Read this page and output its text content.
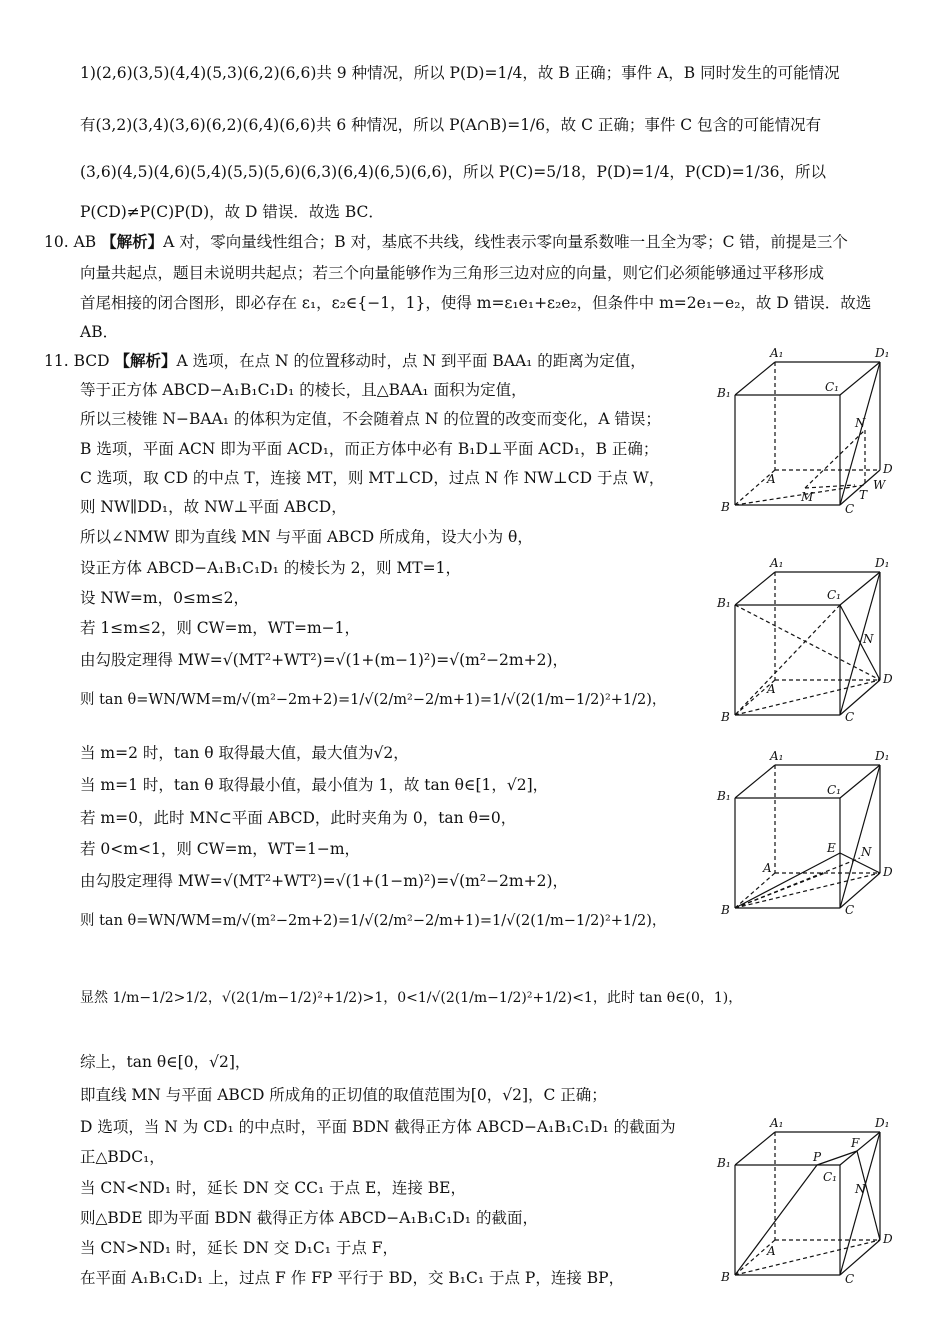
1)(2,6)(3,5)(4,4)(5,3)(6,2)(6,6)共 9 种情况，所以 P(D)=1/4，故 B 正确；事件 A，B 同时发生的可能情况
有(3,2)(3,4)(3,6)(6,2)(6,4)(6,6)共 6 种情况，所以 P(A∩B)=1/6，故 C 正确；事件 C 包含的可能情况有
(3,6)(4,5)(4,6)(5,4)(5,5)(5,6)(6,3)(6,4)(6,5)(6,6)，所以 P(C)=5/18，P(D)=1/4，P(CD)=1/36，所以
P(CD)≠P(C)P(D)，故 D 错误．故选 BC．
10. AB 【解析】A 对，零向量线性组合；B 对，基底不共线，线性表示零向量系数唯一且全为零；C 错，前提是三个
向量共起点，题目未说明共起点；若三个向量能够作为三角形三边对应的向量，则它们必须能够通过平移形成
首尾相接的闭合图形，即必存在 ε₁，ε₂∈{−1，1}，使得 m=ε₁e₁+ε₂e₂，但条件中 m=2e₁−e₂，故 D 错误．故选
AB．
11. BCD 【解析】A 选项，在点 N 的位置移动时，点 N 到平面 BAA₁ 的距离为定值，
等于正方体 ABCD−A₁B₁C₁D₁ 的棱长，且△BAA₁ 面积为定值，
所以三棱锥 N−BAA₁ 的体积为定值，不会随着点 N 的位置的改变而变化，A 错误；
B 选项，平面 ACN 即为平面 ACD₁，而正方体中必有 B₁D⊥平面 ACD₁，B 正确；
C 选项，取 CD 的中点 T，连接 MT，则 MT⊥CD，过点 N 作 NW⊥CD 于点 W，
则 NW∥DD₁，故 NW⊥平面 ABCD，
所以∠NMW 即为直线 MN 与平面 ABCD 所成角，设大小为 θ，
设正方体 ABCD−A₁B₁C₁D₁ 的棱长为 2，则 MT=1，
设 NW=m，0≤m≤2，
若 1≤m≤2，则 CW=m，WT=m−1，
由勾股定理得 MW=√(MT²+WT²)=√(1+(m−1)²)=√(m²−2m+2)，
则 tan θ=WN/WM=m/√(m²−2m+2)=1/√(2/m²−2/m+1)=1/√(2(1/m−1/2)²+1/2)，
当 m=2 时，tan θ 取得最大值，最大值为√2，
当 m=1 时，tan θ 取得最小值，最小值为 1，故 tan θ∈[1，√2]，
若 m=0，此时 MN⊂平面 ABCD，此时夹角为 0，tan θ=0，
若 0<m<1，则 CW=m，WT=1−m，
由勾股定理得 MW=√(MT²+WT²)=√(1+(1−m)²)=√(m²−2m+2)，
则 tan θ=WN/WM=m/√(m²−2m+2)=1/√(2/m²−2/m+1)=1/√(2(1/m−1/2)²+1/2)，
显然 1/m−1/2>1/2，√(2(1/m−1/2)²+1/2)>1，0<1/√(2(1/m−1/2)²+1/2)<1，此时 tan θ∈(0，1)，
综上，tan θ∈[0，√2]，
即直线 MN 与平面 ABCD 所成角的正切值的取值范围为[0，√2]，C 正确；
D 选项，当 N 为 CD₁ 的中点时，平面 BDN 截得正方体 ABCD−A₁B₁C₁D₁ 的截面为
正△BDC₁，
当 CN<ND₁ 时，延长 DN 交 CC₁ 于点 E，连接 BE，
则△BDE 即为平面 BDN 截得正方体 ABCD−A₁B₁C₁D₁ 的截面，
当 CN>ND₁ 时，延长 DN 交 D₁C₁ 于点 F，
在平面 A₁B₁C₁D₁ 上，过点 F 作 FP 平行于 BD，交 B₁C₁ 于点 P，连接 BP，
A₁	D₁
B₁	C₁
N
A
D
B
M	T
W
C
A₁	D₁
B₁
C₁
N
A
D
B	C
A₁	D₁
B₁	C₁
E N
A	D
B	C
A₁	D₁
B₁
C₁
F
P
N
A
D
B	C
